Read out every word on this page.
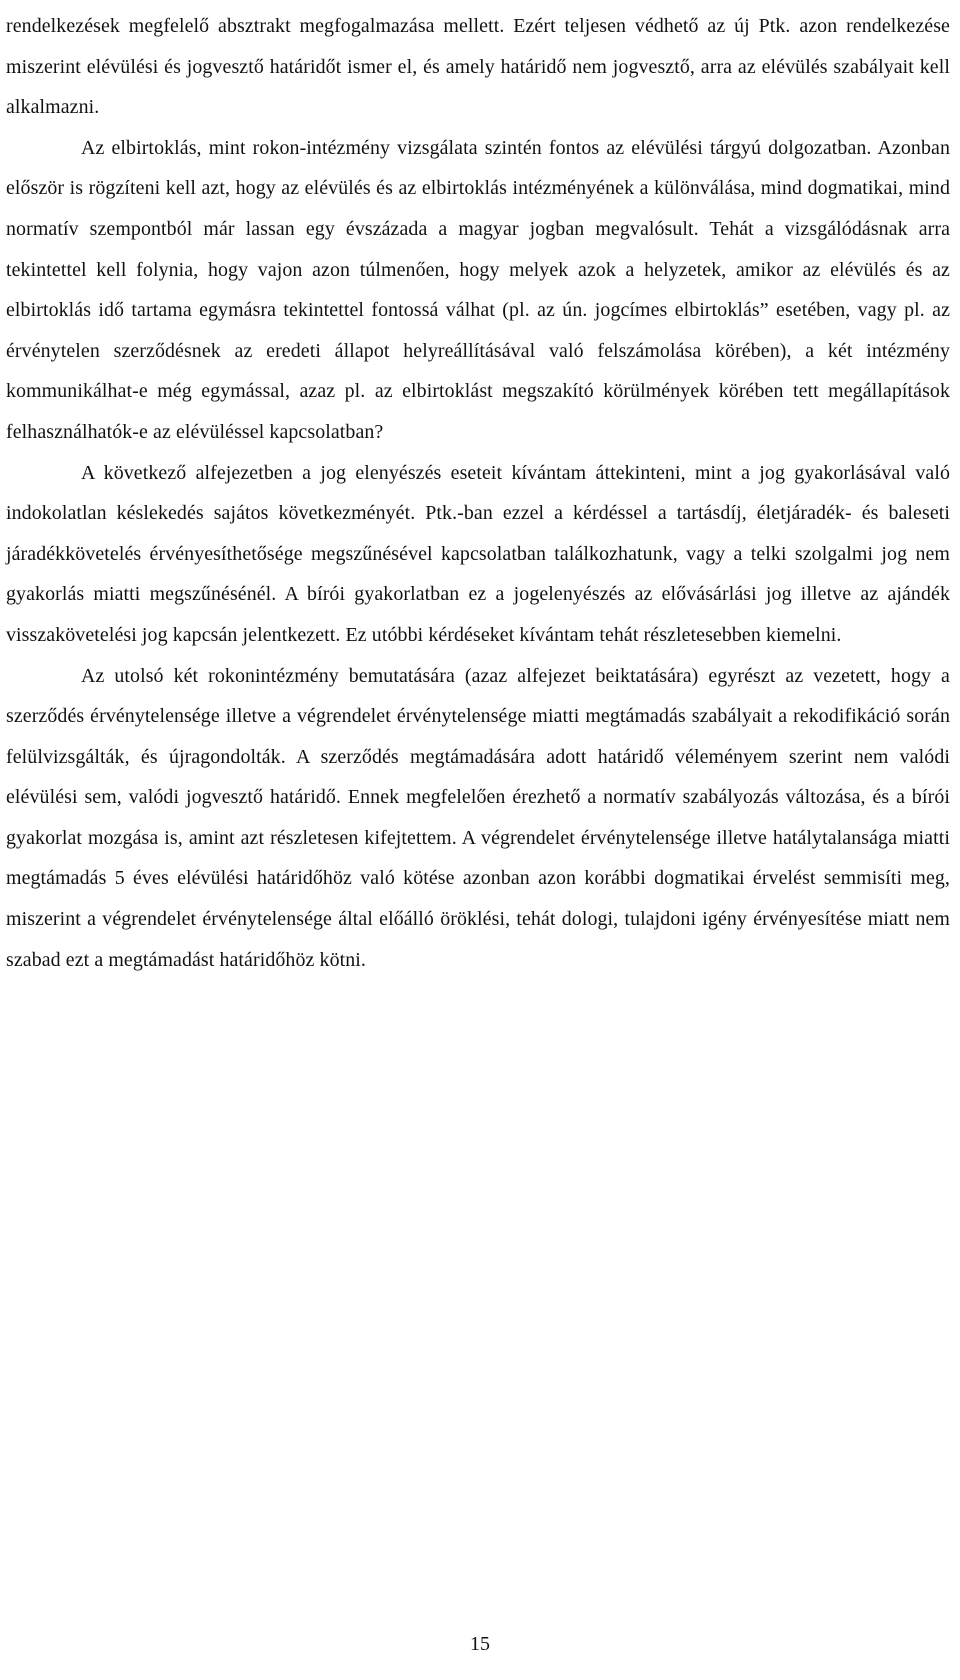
rendelkezések megfelelő absztrakt megfogalmazása mellett. Ezért teljesen védhető az új Ptk. azon rendelkezése miszerint elévülési és jogvesztő határidőt ismer el, és amely határidő nem jogvesztő, arra az elévülés szabályait kell alkalmazni.

Az elbirtoklás, mint rokon-intézmény vizsgálata szintén fontos az elévülési tárgyú dolgozatban. Azonban először is rögzíteni kell azt, hogy az elévülés és az elbirtoklás intézményének a különválása, mind dogmatikai, mind normatív szempontból már lassan egy évszázada a magyar jogban megvalósult. Tehát a vizsgálódásnak arra tekintettel kell folynia, hogy vajon azon túlmenően, hogy melyek azok a helyzetek, amikor az elévülés és az elbirtoklás idő tartama egymásra tekintettel fontossá válhat (pl. az ún. jogcímes elbirtoklás” esetében, vagy pl. az érvénytelen szerződésnek az eredeti állapot helyreállításával való felszámolása körében), a két intézmény kommunikálhat-e még egymással, azaz pl. az elbirtoklást megszakító körülmények körében tett megállapítások felhasználhatók-e az elévüléssel kapcsolatban?

A következő alfejezetben a jog elenyészés eseteit kívántam áttekinteni, mint a jog gyakorlásával való indokolatlan késlekedés sajátos következményét. Ptk.-ban ezzel a kérdéssel a tartásdíj, életjáradék- és baleseti járadékkövetelés érvényesíthetősége megszűnésével kapcsolatban találkozhatunk, vagy a telki szolgalmi jog nem gyakorlás miatti megszűnésénél. A bírói gyakorlatban ez a jogelenyészés az elővásárlási jog illetve az ajándék visszakövetelési jog kapcsán jelentkezett. Ez utóbbi kérdéseket kívántam tehát részletesebben kiemelni.

Az utolsó két rokonintézmény bemutatására (azaz alfejezet beiktatására) egyrészt az vezetett, hogy a szerződés érvénytelensége illetve a végrendelet érvénytelensége miatti megtámadás szabályait a rekodifikáció során felülvizsgálták, és újragondolták. A szerződés megtámadására adott határidő véleményem szerint nem valódi elévülési sem, valódi jogvesztő határidő. Ennek megfelelően érezhető a normatív szabályozás változása, és a bírói gyakorlat mozgása is, amint azt részletesen kifejtettem. A végrendelet érvénytelensége illetve hatálytalansága miatti megtámadás 5 éves elévülési határidőhöz való kötése azonban azon korábbi dogmatikai érvelést semmisíti meg, miszerint a végrendelet érvénytelensége által előálló öröklési, tehát dologi, tulajdoni igény érvényesítése miatt nem szabad ezt a megtámadást határidőhöz kötni.

15
